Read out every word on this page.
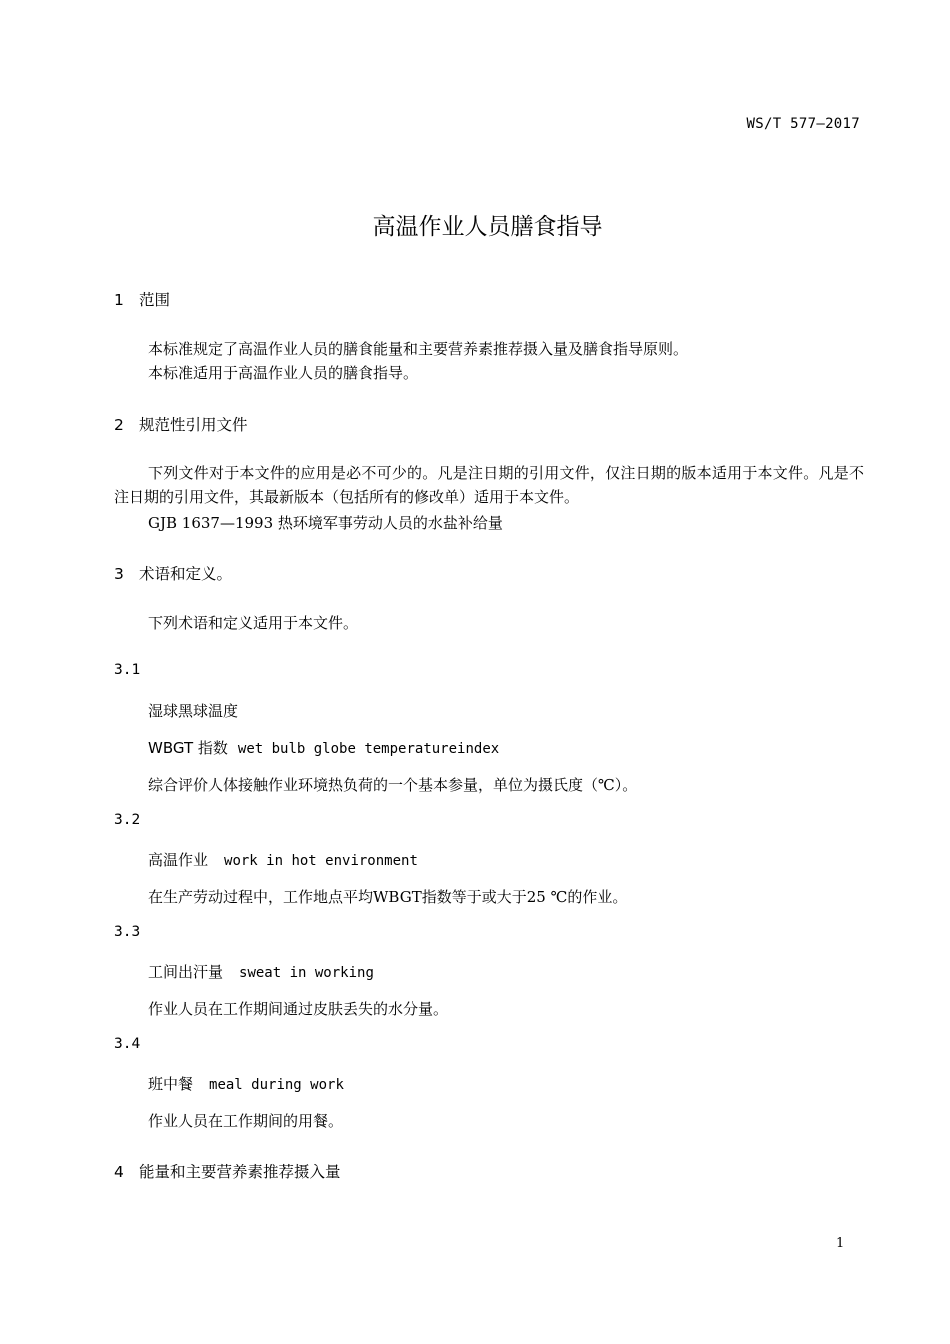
WS/T 577—2017
高温作业人员膳食指导
1 范围
本标准规定了高温作业人员的膳食能量和主要营养素推荐摄入量及膳食指导原则。
本标准适用于高温作业人员的膳食指导。
2 规范性引用文件
下列文件对于本文件的应用是必不可少的。凡是注日期的引用文件，仅注日期的版本适用于本文件。凡是不注日期的引用文件，其最新版本（包括所有的修改单）适用于本文件。
GJB 1637—1993 热环境军事劳动人员的水盐补给量
3 术语和定义。
下列术语和定义适用于本文件。
3.1
湿球黑球温度
WBGT 指数 wet bulb globe temperatureindex
综合评价人体接触作业环境热负荷的一个基本参量，单位为摄氏度（℃）。
3.2
高温作业 work in hot environment
在生产劳动过程中，工作地点平均WBGT指数等于或大于25 ℃的作业。
3.3
工间出汗量 sweat in working
作业人员在工作期间通过皮肤丢失的水分量。
3.4
班中餐 meal during work
作业人员在工作期间的用餐。
4 能量和主要营养素推荐摄入量
1
